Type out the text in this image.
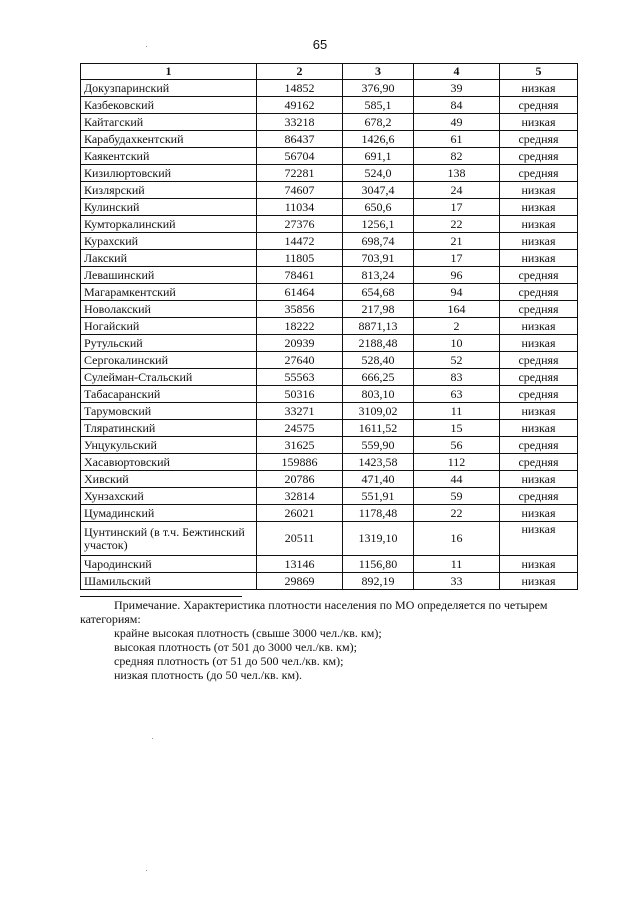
65
1	2	3	4	5
Докузпаринский	14852	376,90	39	низкая
Казбековский	49162	585,1	84	средняя
Кайтагский	33218	678,2	49	низкая
Карабудахкентский	86437	1426,6	61	средняя
Каякентский	56704	691,1	82	средняя
Кизилюртовский	72281	524,0	138	средняя
Кизлярский	74607	3047,4	24	низкая
Кулинский	11034	650,6	17	низкая
Кумторкалинский	27376	1256,1	22	низкая
Курахский	14472	698,74	21	низкая
Лакский	11805	703,91	17	низкая
Левашинский	78461	813,24	96	средняя
Магарамкентский	61464	654,68	94	средняя
Новолакский	35856	217,98	164	средняя
Ногайский	18222	8871,13	2	низкая
Рутульский	20939	2188,48	10	низкая
Сергокалинский	27640	528,40	52	средняя
Сулейман-Стальский	55563	666,25	83	средняя
Табасаранский	50316	803,10	63	средняя
Тарумовский	33271	3109,02	11	низкая
Тляратинский	24575	1611,52	15	низкая
Унцукульский	31625	559,90	56	средняя
Хасавюртовский	159886	1423,58	112	средняя
Хивский	20786	471,40	44	низкая
Хунзахский	32814	551,91	59	средняя
Цумадинский	26021	1178,48	22	низкая
Цунтинский (в т.ч. Бежтинский участок)	20511	1319,10	16	низкая
Чародинский	13146	1156,80	11	низкая
Шамильский	29869	892,19	33	низкая

Примечание. Характеристика плотности населения по МО определяется по четырем категориям:

крайне высокая плотность (свыше 3000 чел./кв. км);

высокая плотность (от 501 до 3000 чел./кв. км);

средняя плотность (от 51 до 500 чел./кв. км);

низкая плотность (до 50 чел./кв. км).
